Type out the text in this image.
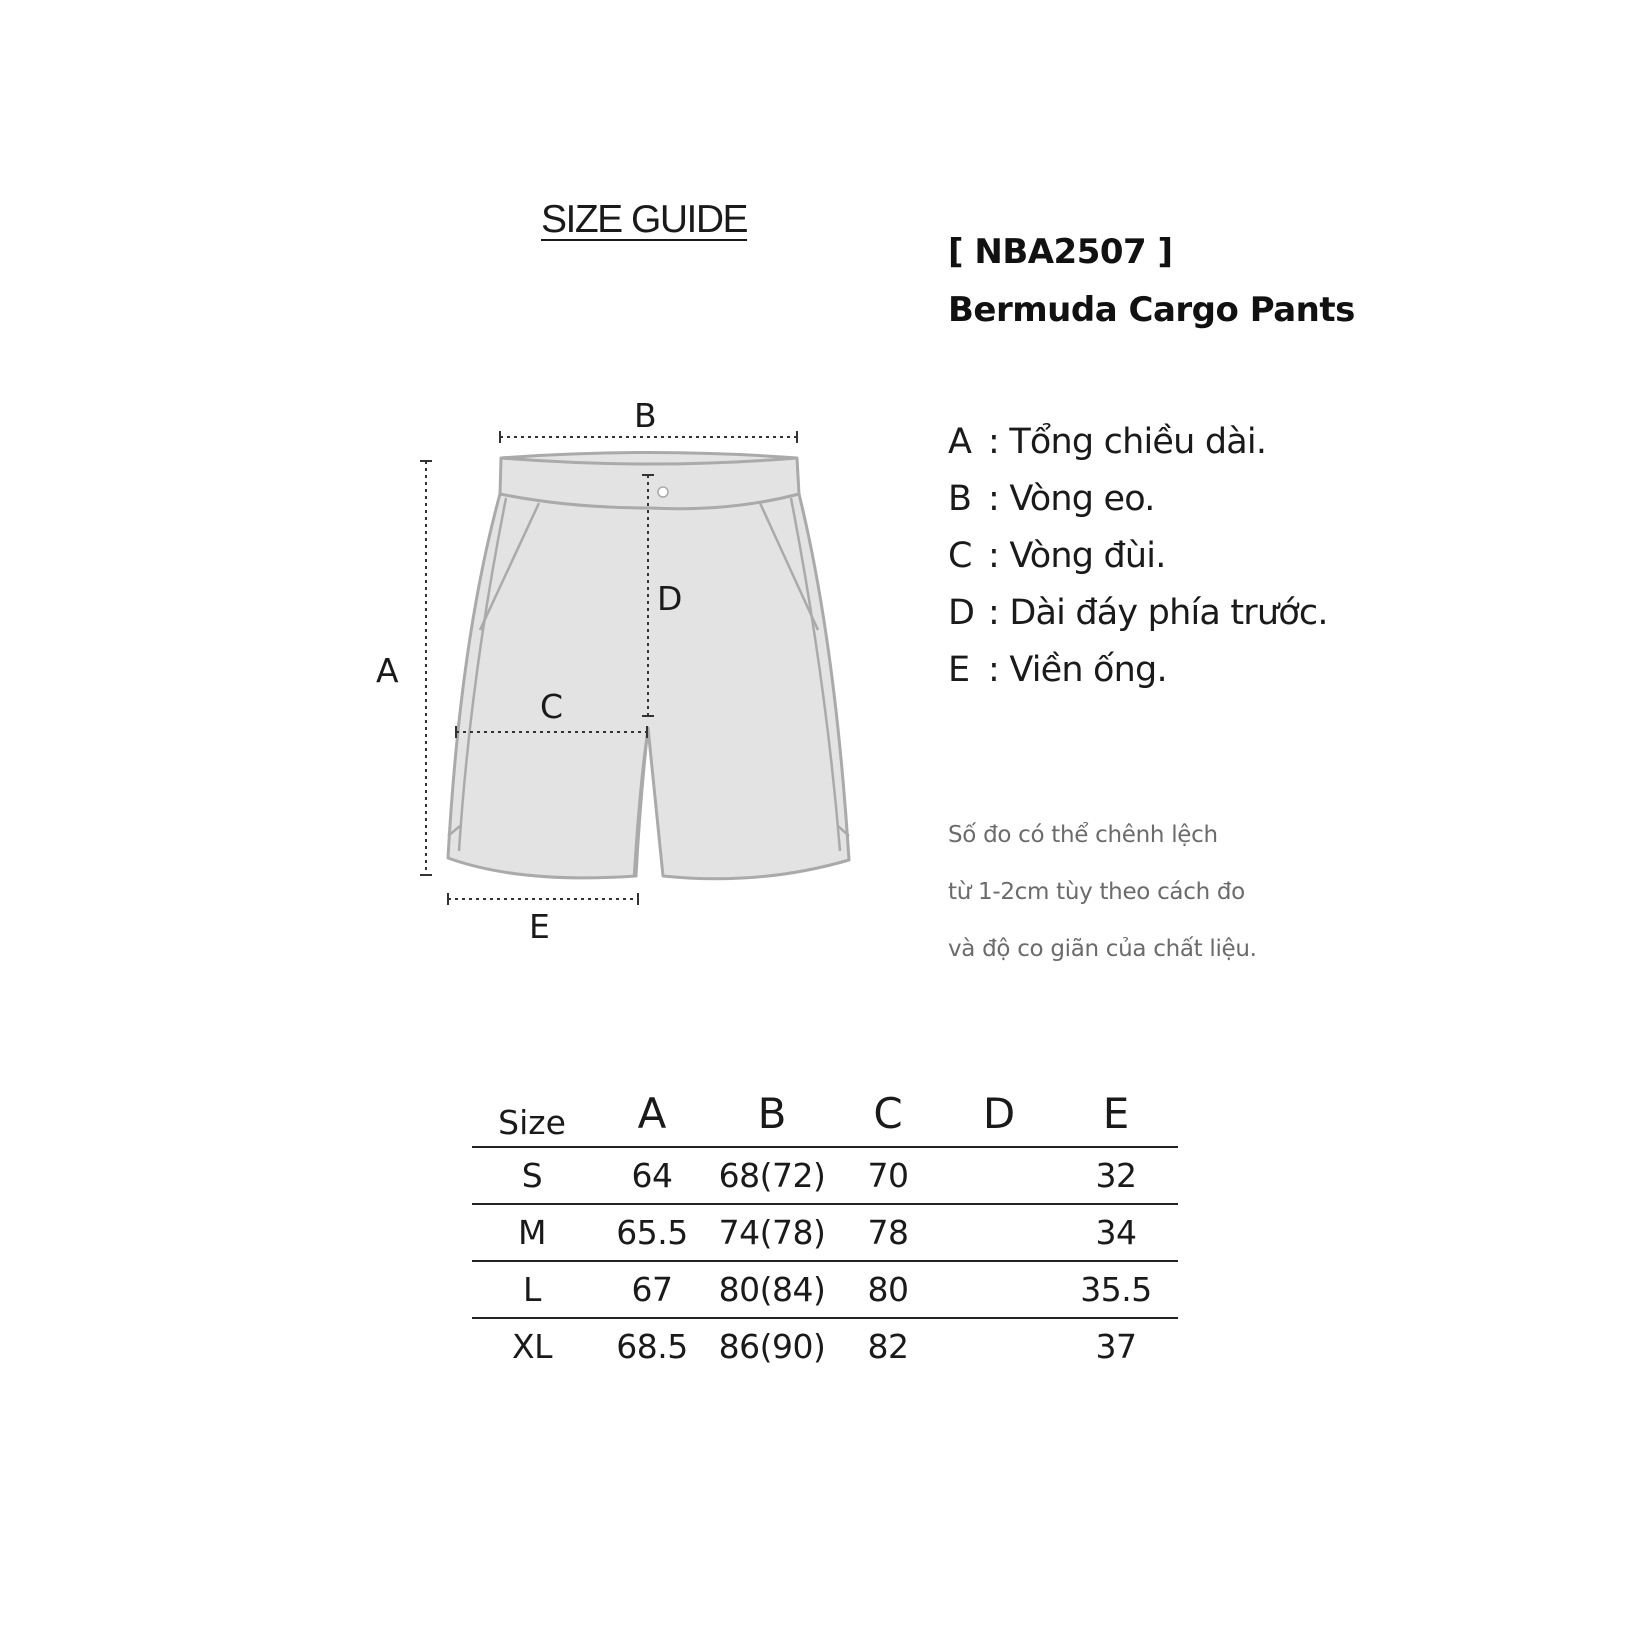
SIZE GUIDE
[ NBA2507 ]
Bermuda Cargo Pants
A
B
C
D
E
A : Tổng chiều dài.
B : Vòng eo.
C : Vòng đùi.
D : Dài đáy phía trước.
E : Viền ống.
Số đo có thể chênh lệch
từ 1-2cm tùy theo cách đo
và độ co giãn của chất liệu.
Size	A	B	C	D	E
S	64	68(72)	70		32
M	65.5	74(78)	78		34
L	67	80(84)	80		35.5
XL	68.5	86(90)	82		37
